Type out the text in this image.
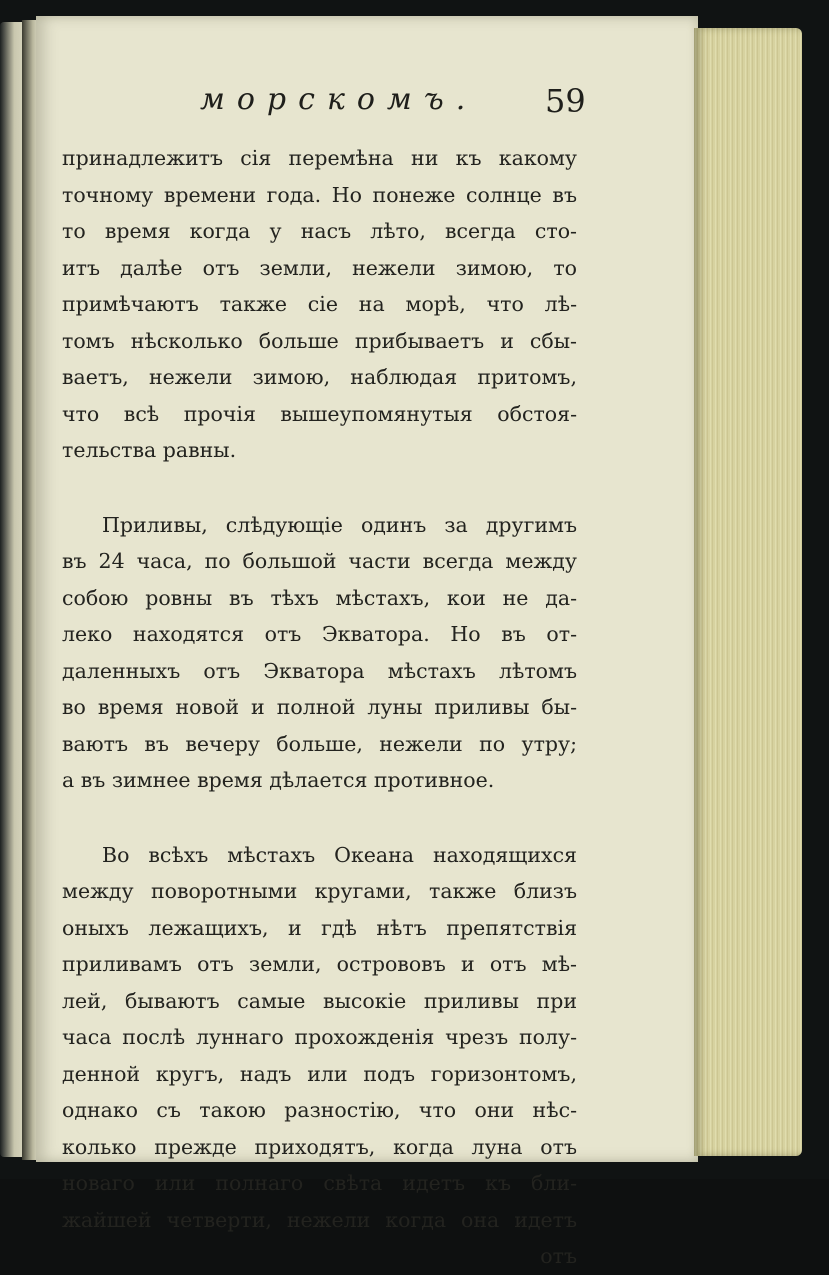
морскомъ. 59
принадлежитъ сія перемѣна ни къ какому
точному времени года. Но понеже солнце въ
то время когда у насъ лѣто, всегда сто-
итъ далѣе отъ земли, нежели зимою, то
примѣчаютъ также сіе на морѣ, что лѣ-
томъ нѣсколько больше прибываетъ и сбы-
ваетъ, нежели зимою, наблюдая притомъ,
что всѣ прочія вышеупомянутыя обстоя-
тельства равны.
Приливы, слѣдующіе одинъ за другимъ
въ 24 часа, по большой части всегда между
собою ровны въ тѣхъ мѣстахъ, кои не да-
леко находятся отъ Экватора. Но въ от-
даленныхъ отъ Экватора мѣстахъ лѣтомъ
во время новой и полной луны приливы бы-
ваютъ въ вечеру больше, нежели по утру;
а въ зимнее время дѣлается противное.
Во всѣхъ мѣстахъ Океана находящихся
между поворотными кругами, также близъ
оныхъ лежащихъ, и гдѣ нѣтъ препятствія
приливамъ отъ земли, острововъ и отъ мѣ-
лей, бываютъ самые высокіе приливы при
часа послѣ луннаго прохожденія чрезъ полу-
денной кругъ, надъ или подъ горизонтомъ,
однако съ такою разностію, что они нѣс-
колько прежде приходятъ, когда луна отъ
новаго или полнаго свѣта идетъ къ бли-
жайшей четверти, нежели когда она идетъ
отъ
